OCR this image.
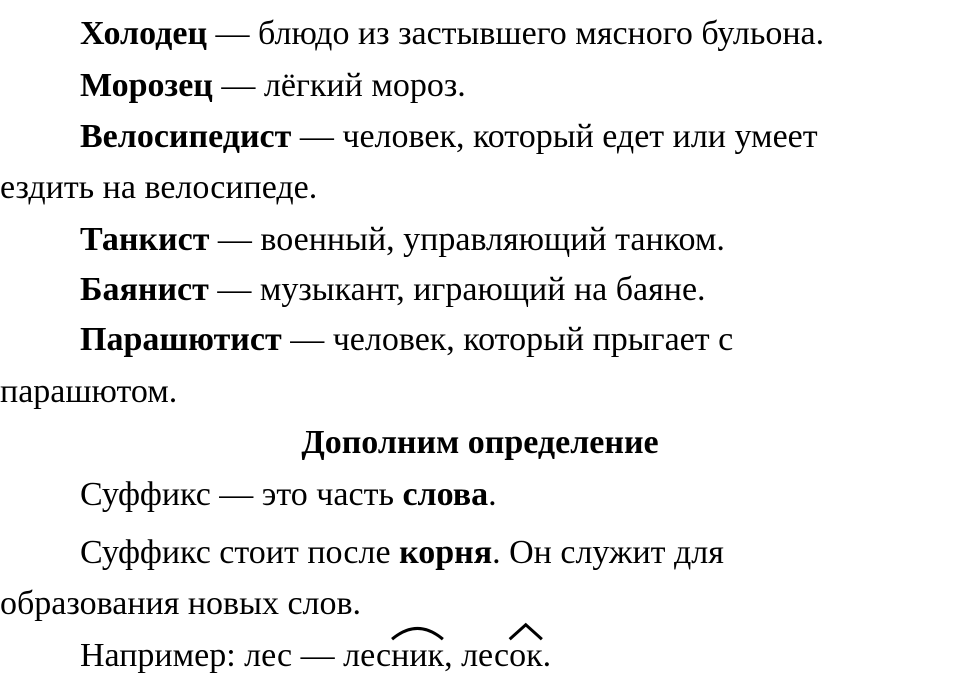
Холодец — блюдо из застывшего мясного бульона.
Морозец — лёгкий мороз.
Велосипедист — человек, который едет или умеет
ездить на велосипеде.
Танкист — военный, управляющий танком.
Баянист — музыкант, играющий на баяне.
Парашютист — человек, который прыгает с
парашютом.
Дополним определение
Суффикс — это часть слова.
Суффикс стоит после корня. Он служит для
образования новых слов.
Например: лес — лес
ник, лес
ок.
